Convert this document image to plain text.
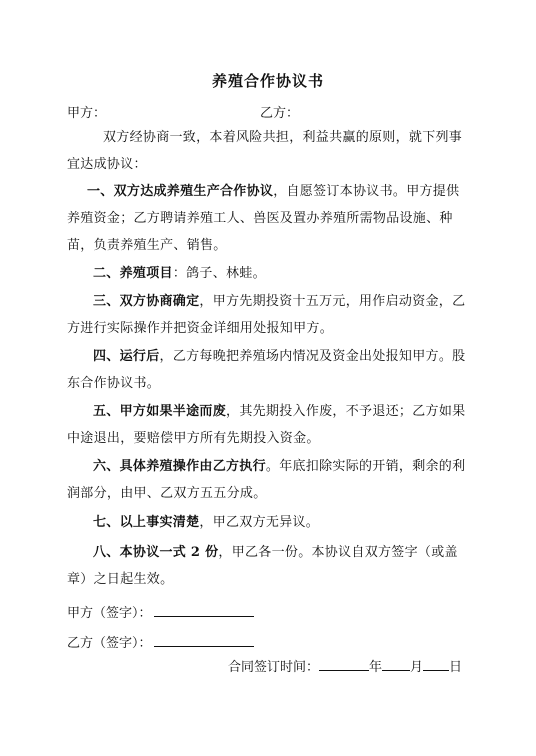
养殖合作协议书
甲方：	乙方：
双方经协商一致，本着风险共担，利益共赢的原则，就下列事宜达成协议：
一、双方达成养殖生产合作协议，自愿签订本协议书。甲方提供养殖资金；乙方聘请养殖工人、兽医及置办养殖所需物品设施、种苗，负责养殖生产、销售。
二、养殖项目：鸽子、林蛙。
三、双方协商确定，甲方先期投资十五万元，用作启动资金，乙方进行实际操作并把资金详细用处报知甲方。
四、运行后，乙方每晚把养殖场内情况及资金出处报知甲方。股东合作协议书。
五、甲方如果半途而废，其先期投入作废，不予退还；乙方如果中途退出，要赔偿甲方所有先期投入资金。
六、具体养殖操作由乙方执行。年底扣除实际的开销，剩余的利润部分，由甲、乙双方五五分成。
七、以上事实清楚，甲乙双方无异议。
八、本协议一式 2 份，甲乙各一份。本协议自双方签字（或盖章）之日起生效。
甲方（签字）：
乙方（签字）：
合同签订时间：	年 月 日
